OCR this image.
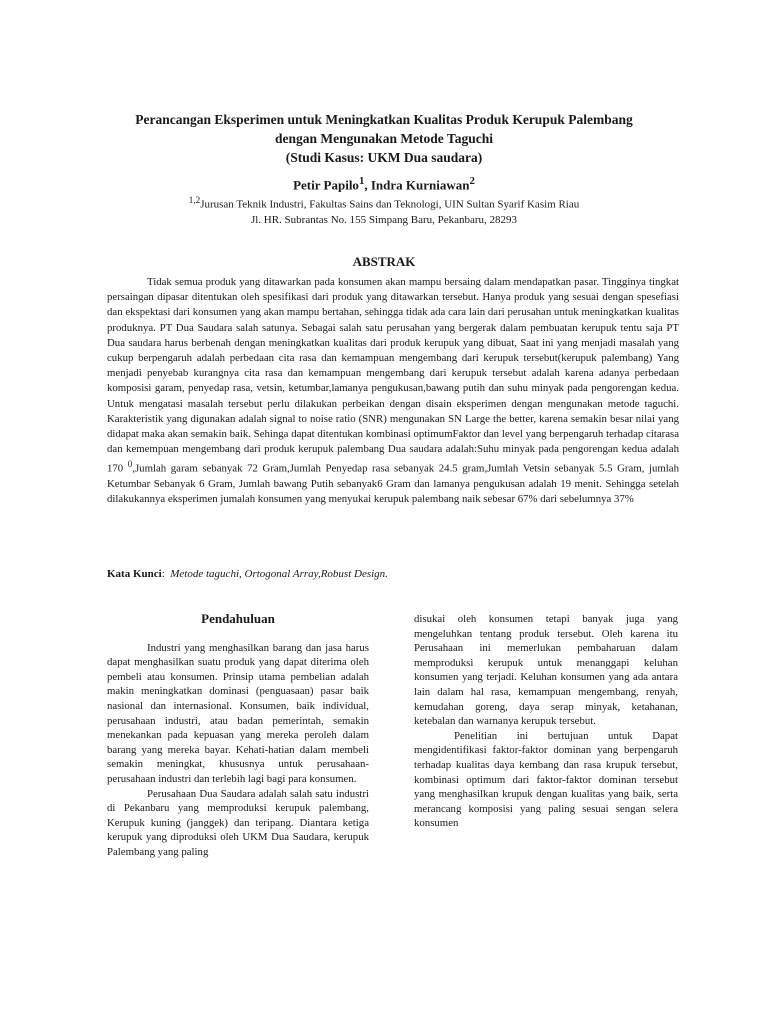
Perancangan Eksperimen untuk Meningkatkan Kualitas Produk Kerupuk Palembang
dengan Mengunakan Metode Taguchi
(Studi Kasus: UKM Dua saudara)
Petir Papilo$^1$, Indra Kurniawan$^2$
$^{1,2}$Jurusan Teknik Industri, Fakultas Sains dan Teknologi, UIN Sultan Syarif Kasim Riau
Jl. HR. Subrantas No. 155 Simpang Baru, Pekanbaru, 28293
ABSTRAK

Tidak semua produk yang ditawarkan pada konsumen akan mampu bersaing dalam mendapatkan pasar. Tingginya tingkat persaingan dipasar ditentukan oleh spesifikasi dari produk yang ditawarkan tersebut. Hanya produk yang sesuai dengan spesefiasi dan ekspektasi dari konsumen yang akan mampu bertahan, sehingga tidak ada cara lain dari perusahan untuk meningkatkan kualitas produknya. PT Dua Saudara salah satunya. Sebagai salah satu perusahan yang bergerak dalam pembuatan kerupuk tentu saja PT Dua saudara harus berbenah dengan meningkatkan kualitas dari produk kerupuk yang dibuat, Saat ini yang menjadi masalah yang cukup berpengaruh adalah perbedaan cita rasa dan kemampuan mengembang dari kerupuk tersebut(kerupuk palembang) Yang menjadi penyebab kurangnya cita rasa dan kemampuan mengembang dari kerupuk tersebut adalah karena adanya perbedaan komposisi garam, penyedap rasa, vetsin, ketumbar,lamanya pengukusan,bawang putih dan suhu minyak pada pengorengan kedua. Untuk mengatasi masalah tersebut perlu dilakukan perbeikan dengan disain eksperimen dengan mengunakan metode taguchi. Karakteristik yang digunakan adalah signal to noise ratio (SNR) mengunakan SN Large the better, karena semakin besar nilai yang didapat maka akan semakin baik. Sehinga dapat ditentukan kombinasi optimumFaktor dan level yang berpengaruh terhadap citarasa dan kemempuan mengembang dari produk kerupuk palembang Dua saudara adalah:Suhu minyak pada pengorengan kedua adalah 170 $^0$,Jumlah garam sebanyak 72 Gram,Jumlah Penyedap rasa sebanyak 24.5 gram,Jumlah Vetsin sebanyak 5.5 Gram, jumlah Ketumbar Sebanyak 6 Gram, Jumlah bawang Putih sebanyak6 Gram dan lamanya pengukusan adalah 19 menit. Sehingga setelah dilakukannya eksperimen jumalah konsumen yang menyukai kerupuk palembang naik sebesar 67% dari sebelumnya 37%

Kata Kunci: Metode taguchi, Ortogonal Array,Robust Design.
Pendahuluan

Industri yang menghasilkan barang dan jasa harus dapat menghasilkan suatu produk yang dapat diterima oleh pembeli atau konsumen. Prinsip utama pembelian adalah makin meningkatkan dominasi (penguasaan) pasar baik nasional dan internasional. Konsumen, baik individual, perusahaan industri, atau badan pemerintah, semakin menekankan pada kepuasan yang mereka peroleh dalam barang yang mereka bayar. Kehati-hatian dalam membeli semakin meningkat, khususnya untuk perusahaan-perusahaan industri dan terlebih lagi bagi para konsumen.

Perusahaan Dua Saudara adalah salah satu industri di Pekanbaru yang memproduksi kerupuk palembang, Kerupuk kuning (janggek) dan teripang. Diantara ketiga kerupuk yang diproduksi oleh UKM Dua Saudara, kerupuk Palembang yang paling

disukai oleh konsumen tetapi banyak juga yang mengeluhkan tentang produk tersebut. Oleh karena itu Perusahaan ini memerlukan pembaharuan dalam memproduksi kerupuk untuk menanggapi keluhan konsumen yang terjadi. Keluhan konsumen yang ada antara lain dalam hal rasa, kemampuan mengembang, renyah, kemudahan goreng, daya serap minyak, ketahanan, ketebalan dan warnanya kerupuk tersebut.

Penelitian ini bertujuan untuk Dapat mengidentifikasi faktor-faktor dominan yang berpengaruh terhadap kualitas daya kembang dan rasa krupuk tersebut, kombinasi optimum dari faktor-faktor dominan tersebut yang menghasilkan krupuk dengan kualitas yang baik, serta merancang komposisi yang paling sesuai sengan selera konsumen
